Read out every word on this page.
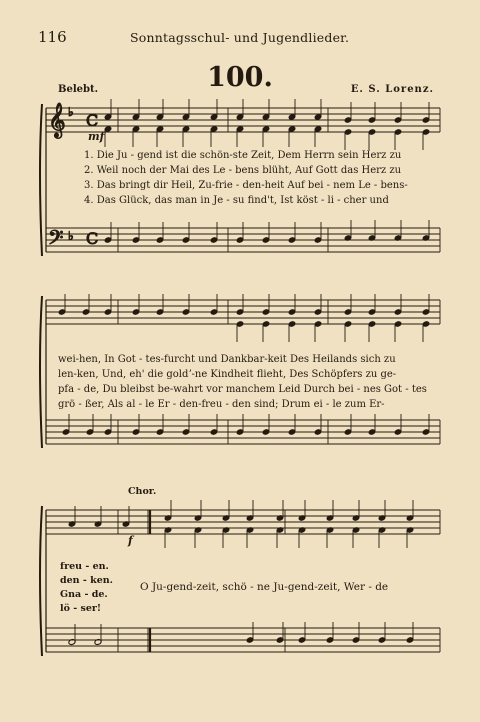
116	Sonntagsschul- und Jugendlieder.
100.
Belebt.	E. S. Lorenz.
𝄞
𝄢
♭
♭
C
C
mf
1. Die Ju - gend ist die schön-ste Zeit, Dem Herrn sein Herz zu
2. Weil noch der Mai des Le - bens blüht, Auf Gott das Herz zu
3. Das bringt dir Heil, Zu-frie - den-heit Auf bei - nem Le - bens-
4. Das Glück, das man in Je - su find't, Ist köst - li - cher und
wei-hen, In Got - tes-furcht und Dankbar-keit Des Heilands sich zu
len-ken, Und, eh' die goldʼ-ne Kindheit flieht, Des Schöpfers zu ge-
pfa - de, Du bleibst be-wahrt vor manchem Leid Durch bei - nes Got - tes
grö - ßer, Als al - le Er - den-freu - den sind; Drum ei - le zum Er-
Chor.
f
freu - en.
den - ken.
Gna - de.
lö - ser!
O Ju-gend-zeit, schö - ne Ju-gend-zeit, Wer - de
